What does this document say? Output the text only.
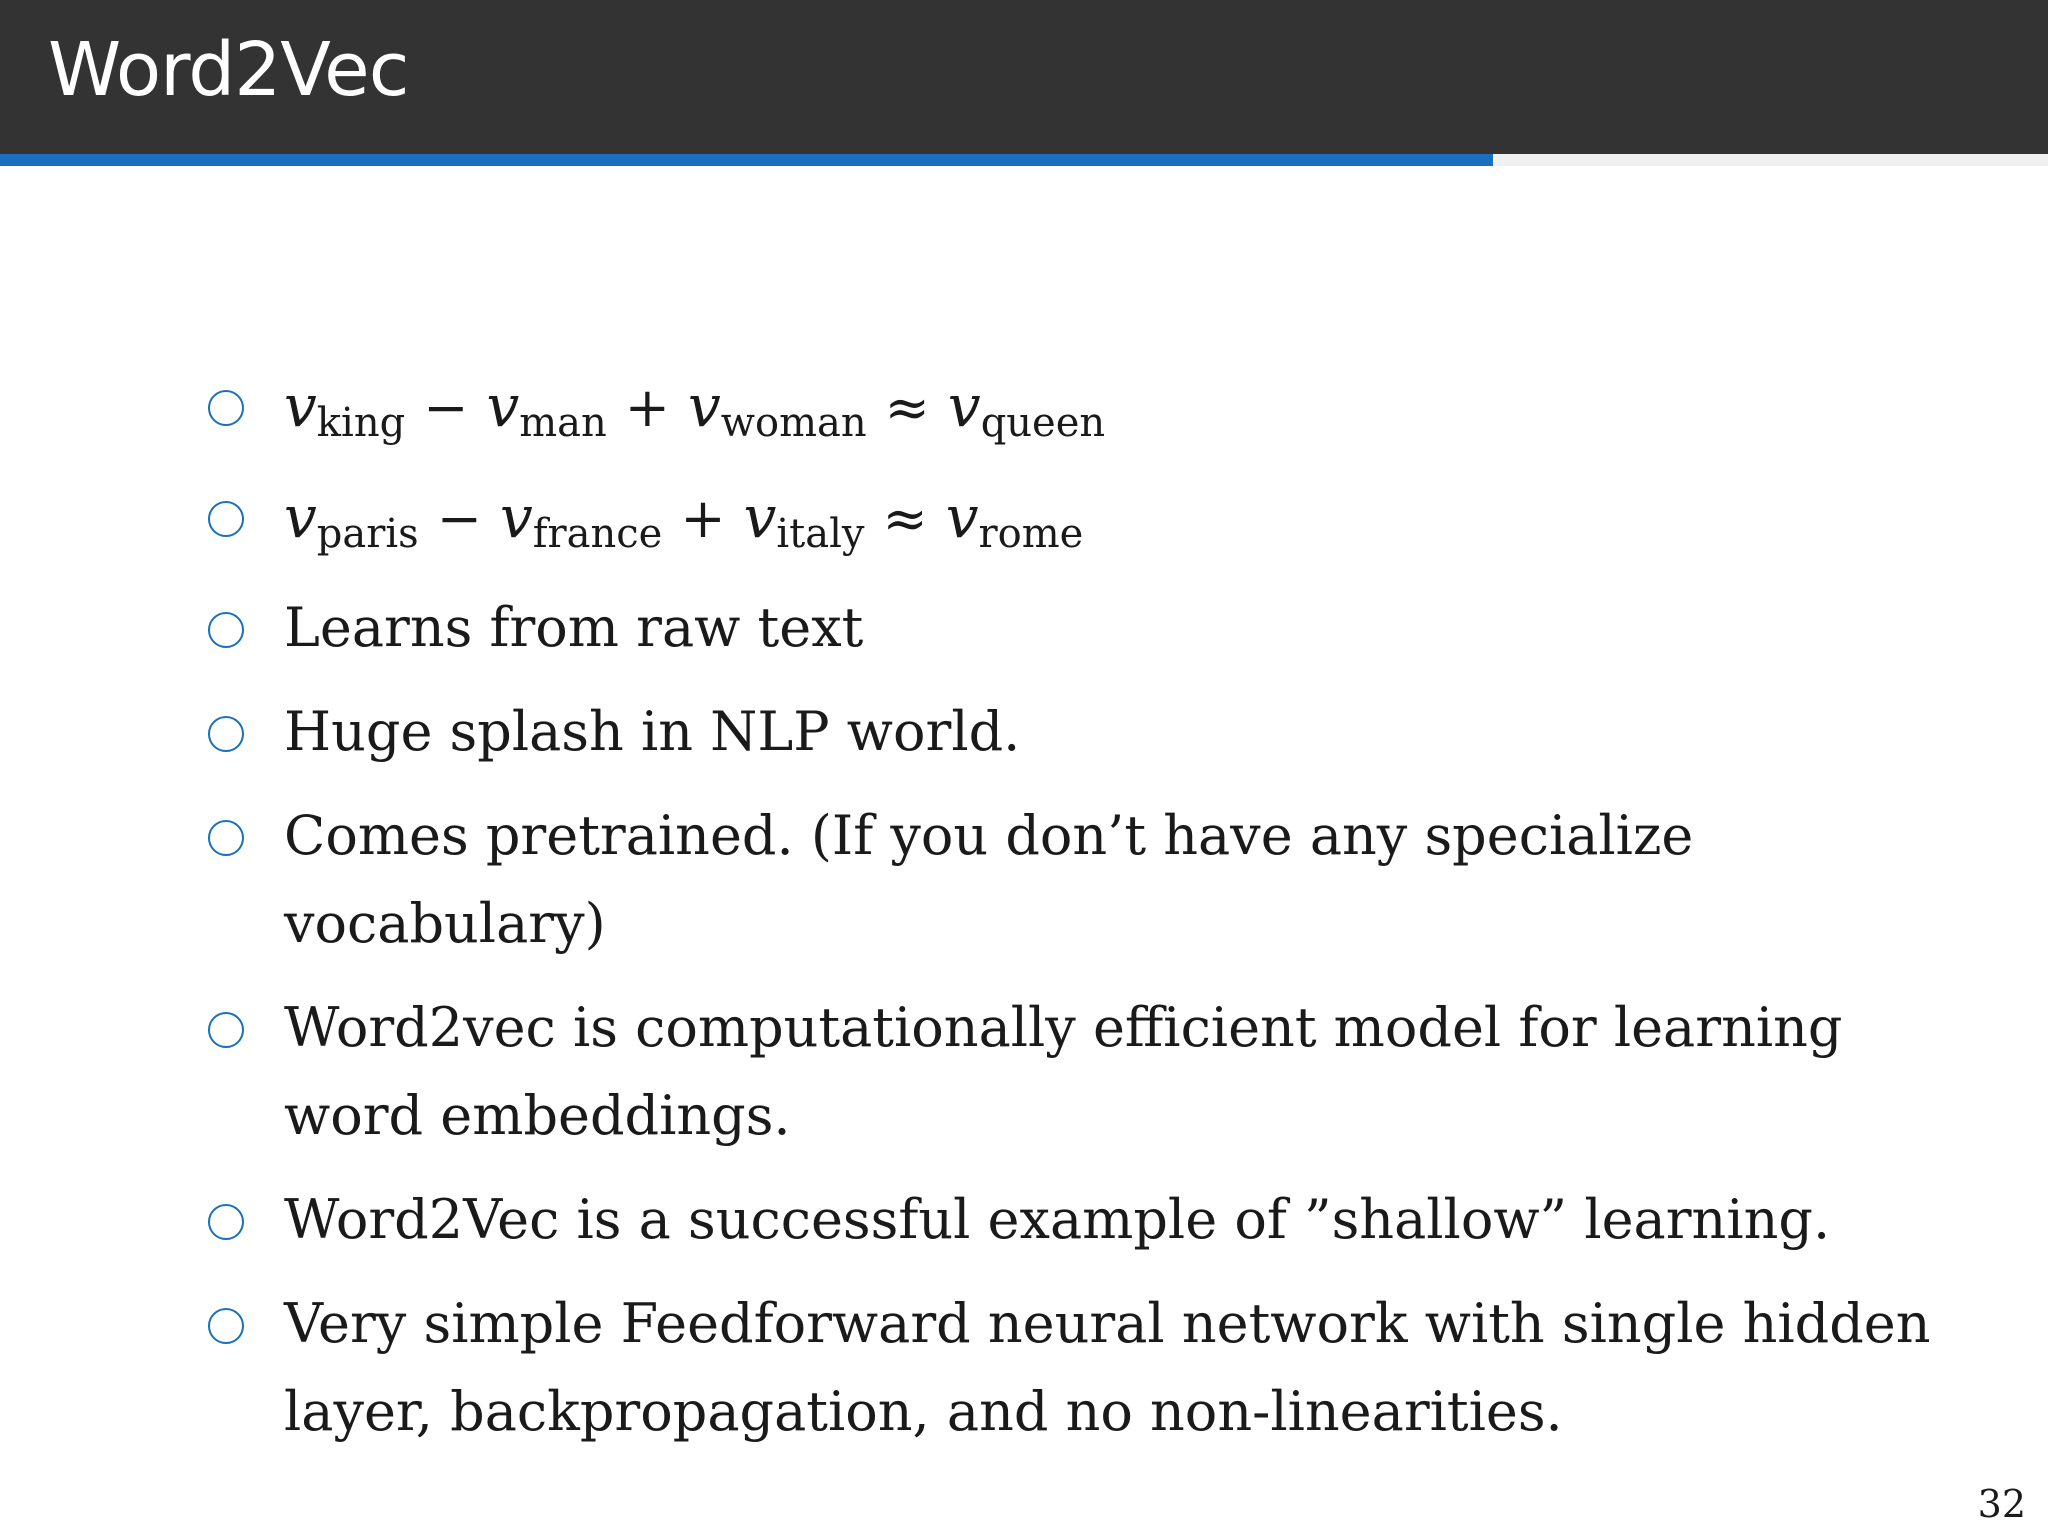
Word2Vec
vking − vman + vwoman ≈ vqueen
vparis − vfrance + vitaly ≈ vrome
Learns from raw text
Huge splash in NLP world.
Comes pretrained. (If you don’t have any specialize vocabulary)
Word2vec is computationally efficient model for learning word embeddings.
Word2Vec is a successful example of ”shallow” learning.
Very simple Feedforward neural network with single hidden layer, backpropagation, and no non-linearities.
32
